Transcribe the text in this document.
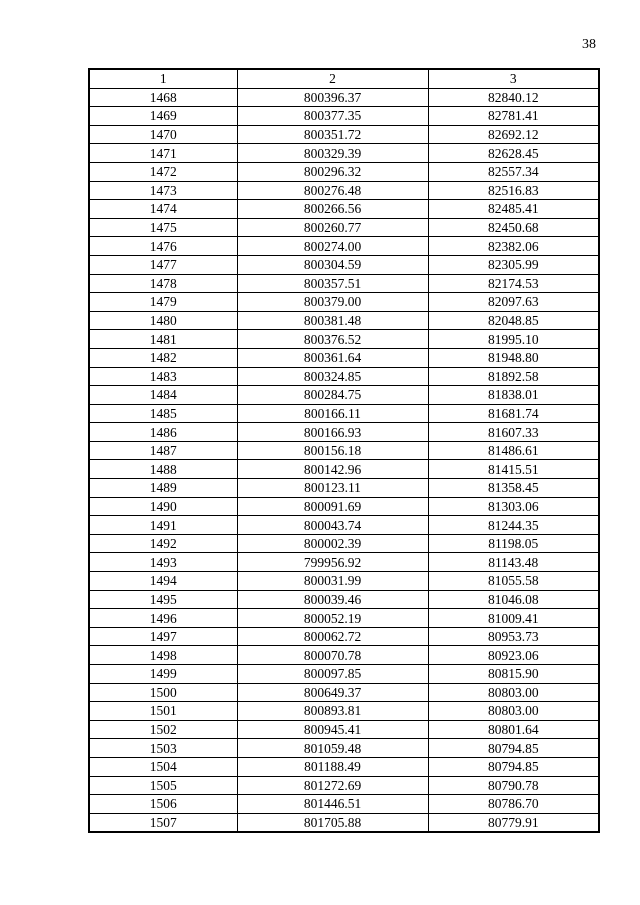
38
1	2	3
1468	800396.37	82840.12
1469	800377.35	82781.41
1470	800351.72	82692.12
1471	800329.39	82628.45
1472	800296.32	82557.34
1473	800276.48	82516.83
1474	800266.56	82485.41
1475	800260.77	82450.68
1476	800274.00	82382.06
1477	800304.59	82305.99
1478	800357.51	82174.53
1479	800379.00	82097.63
1480	800381.48	82048.85
1481	800376.52	81995.10
1482	800361.64	81948.80
1483	800324.85	81892.58
1484	800284.75	81838.01
1485	800166.11	81681.74
1486	800166.93	81607.33
1487	800156.18	81486.61
1488	800142.96	81415.51
1489	800123.11	81358.45
1490	800091.69	81303.06
1491	800043.74	81244.35
1492	800002.39	81198.05
1493	799956.92	81143.48
1494	800031.99	81055.58
1495	800039.46	81046.08
1496	800052.19	81009.41
1497	800062.72	80953.73
1498	800070.78	80923.06
1499	800097.85	80815.90
1500	800649.37	80803.00
1501	800893.81	80803.00
1502	800945.41	80801.64
1503	801059.48	80794.85
1504	801188.49	80794.85
1505	801272.69	80790.78
1506	801446.51	80786.70
1507	801705.88	80779.91
